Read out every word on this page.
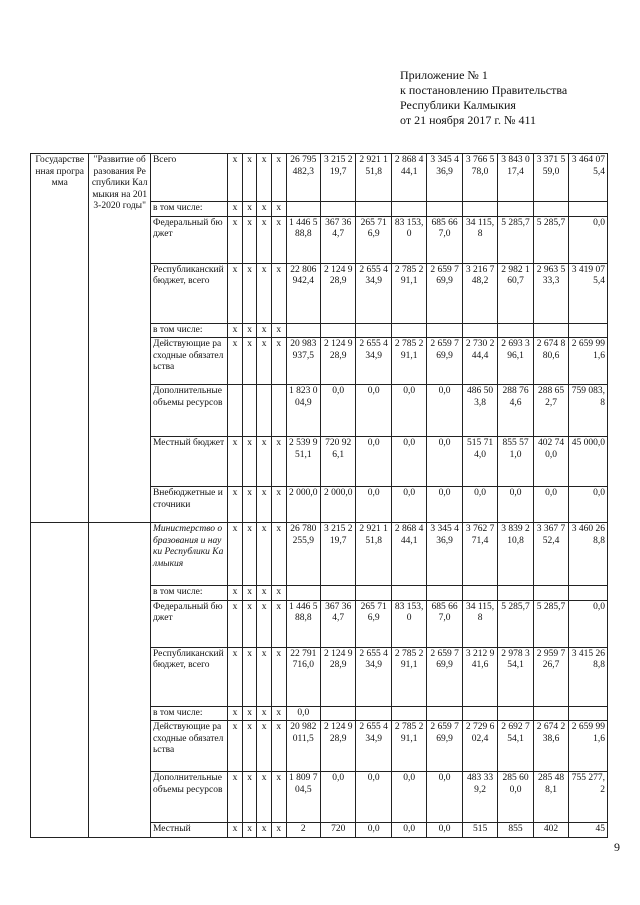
Приложение № 1
к постановлению Правительства
Республики Калмыкия
от 21 ноября 2017 г. № 411
Государственная программа	"Развитие образования Республики Калмыкия на 2013-2020 годы"	Всего	x	x	x	x	26 795 482,3	3 215 219,7	2 921 151,8	2 868 444,1	3 345 436,9	3 766 578,0	3 843 017,4	3 371 559,0	3 464 075,4
		в том числе:	x	x	x	x									
		Федеральный бюджет	x	x	x	x	1 446 588,8	367 364,7	265 716,9	83 153,0	685 667,0	34 115,8	5 285,7	5 285,7	0,0
		Республиканский бюджет, всего	x	x	x	x	22 806 942,4	2 124 928,9	2 655 434,9	2 785 291,1	2 659 769,9	3 216 748,2	2 982 160,7	2 963 533,3	3 419 075,4
		в том числе:	x	x	x	x									
		Действующие расходные обязательства	x	x	x	x	20 983 937,5	2 124 928,9	2 655 434,9	2 785 291,1	2 659 769,9	2 730 244,4	2 693 396,1	2 674 880,6	2 659 991,6
		Дополнительные объемы ресурсов					1 823 004,9	0,0	0,0	0,0	0,0	486 503,8	288 764,6	288 652,7	759 083,8
		Местный бюджет	x	x	x	x	2 539 951,1	720 926,1	0,0	0,0	0,0	515 714,0	855 571,0	402 740,0	45 000,0
		Внебюджетные источники	x	x	x	x	2 000,0	2 000,0	0,0	0,0	0,0	0,0	0,0	0,0	0,0
		Министерство образования и науки Республики Калмыкия	x	x	x	x	26 780 255,9	3 215 219,7	2 921 151,8	2 868 444,1	3 345 436,9	3 762 771,4	3 839 210,8	3 367 752,4	3 460 268,8
		в том числе:	x	x	x	x									
		Федеральный бюджет	x	x	x	x	1 446 588,8	367 364,7	265 716,9	83 153,0	685 667,0	34 115,8	5 285,7	5 285,7	0,0
		Республиканский бюджет, всего	x	x	x	x	22 791 716,0	2 124 928,9	2 655 434,9	2 785 291,1	2 659 769,9	3 212 941,6	2 978 354,1	2 959 726,7	3 415 268,8
		в том числе:	x	x	x	x	0,0								
		Действующие расходные обязательства	x	x	x	x	20 982 011,5	2 124 928,9	2 655 434,9	2 785 291,1	2 659 769,9	2 729 602,4	2 692 754,1	2 674 238,6	2 659 991,6
		Дополнительные объемы ресурсов	x	x	x	x	1 809 704,5	0,0	0,0	0,0	0,0	483 339,2	285 600,0	285 488,1	755 277,2
		Местный	x	x	x	x	2	720	0,0	0,0	0,0	515	855	402	45
9
